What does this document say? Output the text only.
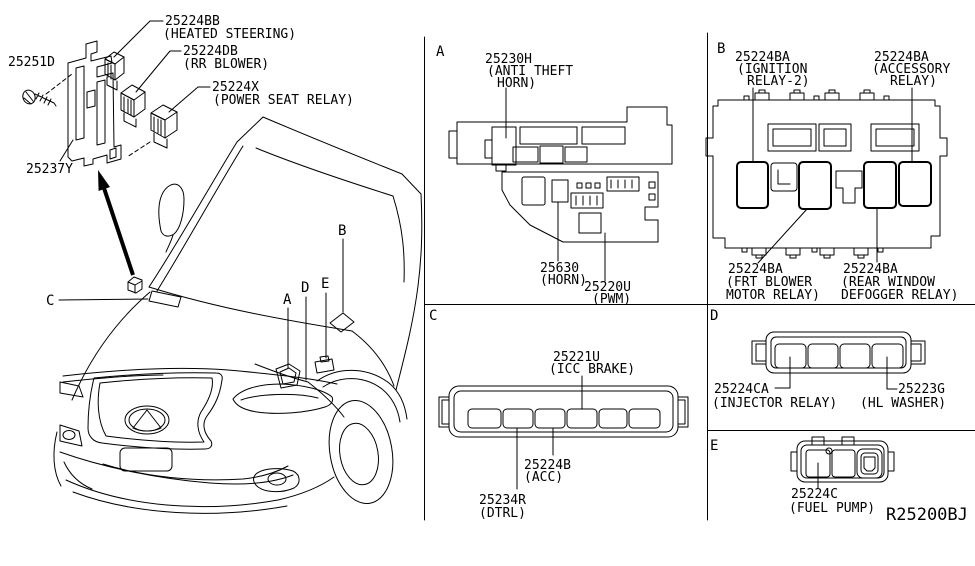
25251D
25224BB
(HEATED STEERING)
25224DB
(RR BLOWER)
25224X
(POWER SEAT RELAY)
25237Y
C	A
D E
B
A	25230H
(ANTI THEFT
HORN)
25630
(HORN)
25220U
(PWM)
B
25224BA
(IGNITION
RELAY-2)
25224BA
(ACCESSORY
RELAY)
25224BA
(FRT BLOWER
MOTOR RELAY)
25224BA
(REAR WINDOW
DEFOGGER RELAY)
C
25221U
(ICC BRAKE)
25224B
(ACC)
25234R
(DTRL)
D
25224CA
(INJECTOR RELAY)
25223G
(HL WASHER)
E
25224C
(FUEL PUMP) R25200BJ
